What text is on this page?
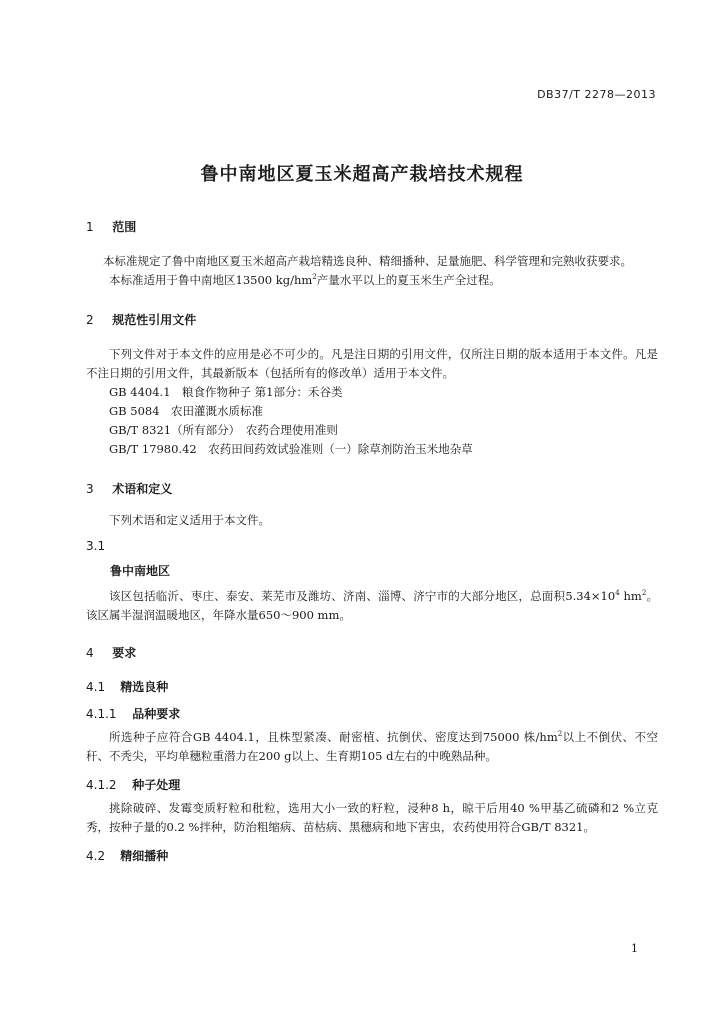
DB37/T 2278—2013
鲁中南地区夏玉米超高产栽培技术规程
1 范围
本标准规定了鲁中南地区夏玉米超高产栽培精选良种、精细播种、足量施肥、科学管理和完熟收获要求。
本标准适用于鲁中南地区13500 $kg/hm^2$产量水平以上的夏玉米生产全过程。
2 规范性引用文件
下列文件对于本文件的应用是必不可少的。凡是注日期的引用文件，仅所注日期的版本适用于本文件。凡是不注日期的引用文件，其最新版本（包括所有的修改单）适用于本文件。
GB 4404.1　粮食作物种子 第1部分：禾谷类
GB 5084　农田灌溉水质标准
GB/T 8321（所有部分）　农药合理使用准则
GB/T 17980.42　农药田间药效试验准则（一）除草剂防治玉米地杂草
3 术语和定义
下列术语和定义适用于本文件。
3.1
鲁中南地区
该区包括临沂、枣庄、泰安、莱芜市及潍坊、济南、淄博、济宁市的大部分地区，总面积$5.34\times 10^4$ $hm^2$。该区属半湿润温暖地区，年降水量650～900 mm。
4 要求
4.1 精选良种
4.1.1 品种要求
所选种子应符合GB 4404.1，且株型紧凑、耐密植、抗倒伏、密度达到75000 株$/hm^2$以上不倒伏、不空秆、不秃尖，平均单穗粒重潜力在200 g以上、生育期105 d左右的中晚熟品种。
4.1.2 种子处理
挑除破碎、发霉变质籽粒和秕粒，选用大小一致的籽粒，浸种8 h，晾干后用40 %甲基乙硫磷和2 %立克秀，按种子量的0.2 %拌种，防治粗缩病、苗枯病、黑穗病和地下害虫，农药使用符合GB/T 8321。
4.2 精细播种
1
